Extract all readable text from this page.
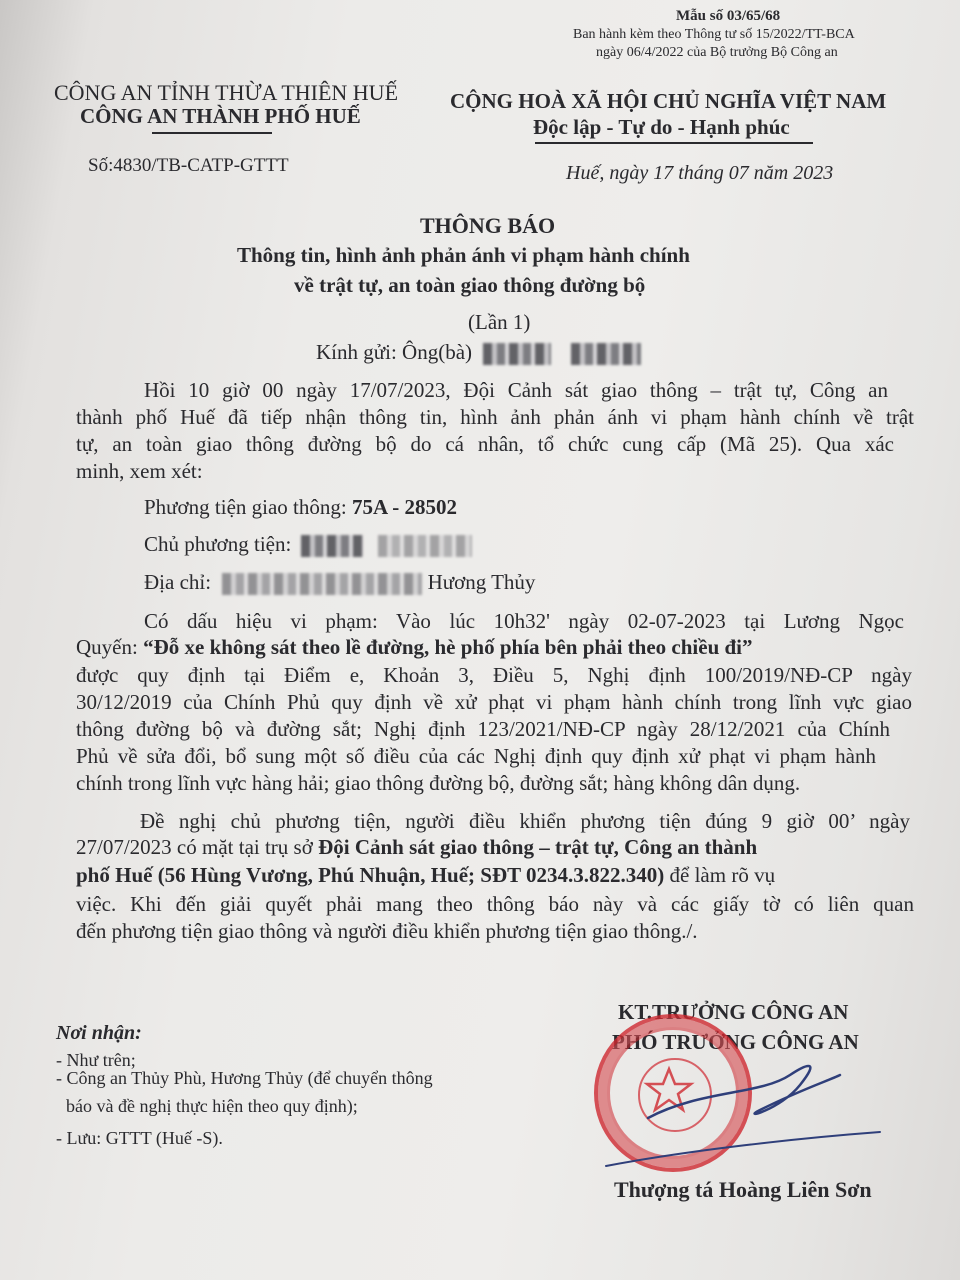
Mẫu số 03/65/68
Ban hành kèm theo Thông tư số 15/2022/TT-BCA
ngày 06/4/2022 của Bộ trưởng Bộ Công an
CÔNG AN TỈNH THỪA THIÊN HUẾ
CÔNG AN THÀNH PHỐ HUẾ
Số:4830/TB-CATP-GTTT
CỘNG HOÀ XÃ HỘI CHỦ NGHĨA VIỆT NAM
Độc lập - Tự do - Hạnh phúc
Huế, ngày 17 tháng 07 năm 2023
THÔNG BÁO
Thông tin, hình ảnh phản ánh vi phạm hành chính
về trật tự, an toàn giao thông đường bộ
(Lần 1)
Kính gửi: Ông(bà)
Hồi 10 giờ 00 ngày 17/07/2023, Đội Cảnh sát giao thông – trật tự, Công an
thành phố Huế đã tiếp nhận thông tin, hình ảnh phản ánh vi phạm hành chính về trật
tự, an toàn giao thông đường bộ do cá nhân, tổ chức cung cấp (Mã 25). Qua xác
minh, xem xét:
Phương tiện giao thông: 75A - 28502
Chủ phương tiện:
Địa chỉ:	Hương Thủy
Có dấu hiệu vi phạm: Vào lúc 10h32' ngày 02-07-2023 tại Lương Ngọc
Quyến: “Đỗ xe không sát theo lề đường, hè phố phía bên phải theo chiều đi”
được quy định tại Điểm e, Khoản 3, Điều 5, Nghị định 100/2019/NĐ-CP ngày
30/12/2019 của Chính Phủ quy định về xử phạt vi phạm hành chính trong lĩnh vực giao
thông đường bộ và đường sắt; Nghị định 123/2021/NĐ-CP ngày 28/12/2021 của Chính
Phủ về sửa đổi, bổ sung một số điều của các Nghị định quy định xử phạt vi phạm hành
chính trong lĩnh vực hàng hải; giao thông đường bộ, đường sắt; hàng không dân dụng.
Đề nghị chủ phương tiện, người điều khiển phương tiện đúng 9 giờ 00’ ngày
27/07/2023 có mặt tại trụ sở Đội Cảnh sát giao thông – trật tự, Công an thành
phố Huế (56 Hùng Vương, Phú Nhuận, Huế; SĐT 0234.3.822.340) để làm rõ vụ
việc. Khi đến giải quyết phải mang theo thông báo này và các giấy tờ có liên quan
đến phương tiện giao thông và người điều khiển phương tiện giao thông./.
Nơi nhận:
- Như trên;
- Công an Thủy Phù, Hương Thủy (để chuyển thông
báo và đề nghị thực hiện theo quy định);
- Lưu: GTTT (Huế -S).
KT.TRƯỞNG CÔNG AN
PHÓ TRƯỞNG CÔNG AN
Thượng tá Hoàng Liên Sơn
